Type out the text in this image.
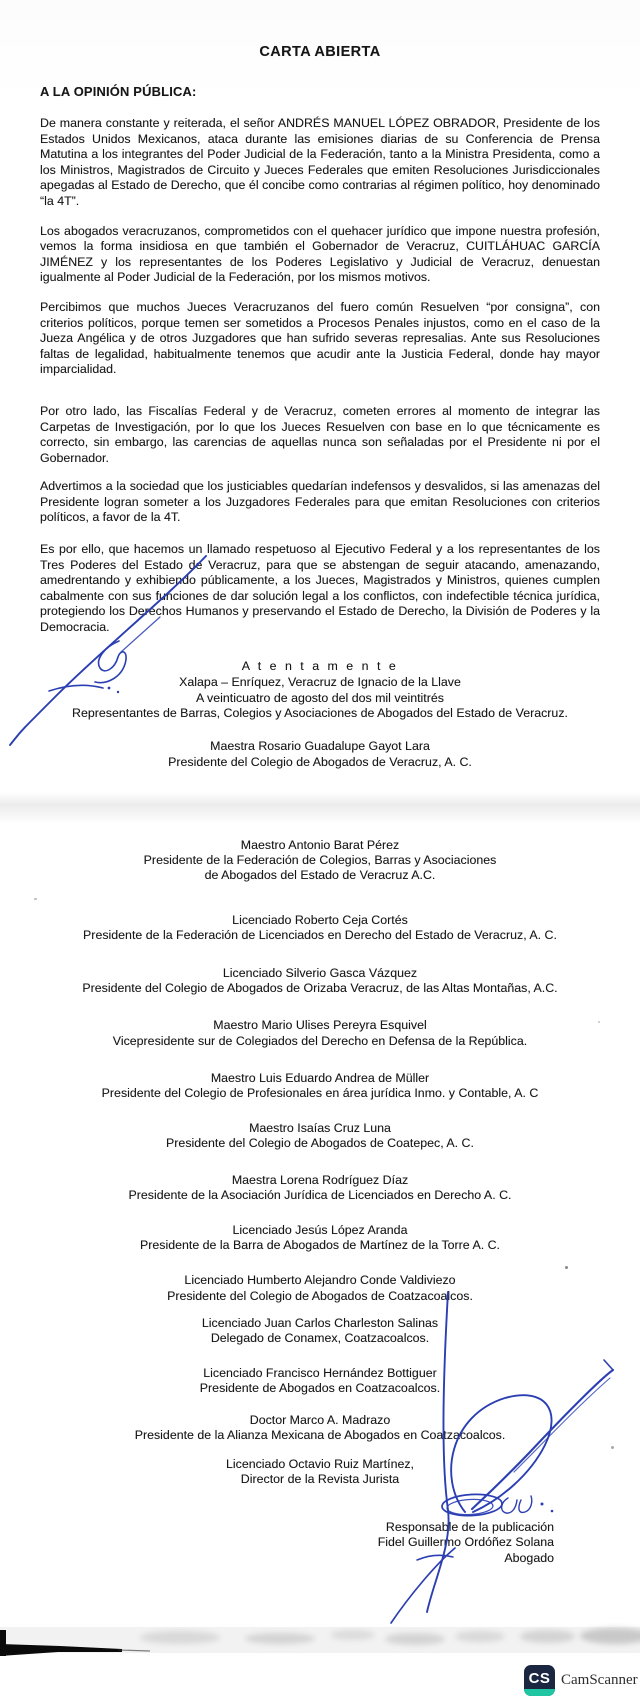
CARTA ABIERTA
A LA OPINIÓN PÚBLICA:

De manera constante y reiterada, el señor ANDRÉS MANUEL LÓPEZ OBRADOR, Presidente de los Estados Unidos Mexicanos, ataca durante las emisiones diarias de su Conferencia de Prensa Matutina a los integrantes del Poder Judicial de la Federación, tanto a la Ministra Presidenta, como a los Ministros, Magistrados de Circuito y Jueces Federales que emiten Resoluciones Jurisdiccionales apegadas al Estado de Derecho, que él concibe como contrarias al régimen político, hoy denominado “la 4T”.

Los abogados veracruzanos, comprometidos con el quehacer jurídico que impone nuestra profesión, vemos la forma insidiosa en que también el Gobernador de Veracruz, CUITLÁHUAC GARCÍA JIMÉNEZ y los representantes de los Poderes Legislativo y Judicial de Veracruz, denuestan igualmente al Poder Judicial de la Federación, por los mismos motivos.

Percibimos que muchos Jueces Veracruzanos del fuero común Resuelven “por consigna”, con criterios políticos, porque temen ser sometidos a Procesos Penales injustos, como en el caso de la Jueza Angélica y de otros Juzgadores que han sufrido severas represalias. Ante sus Resoluciones faltas de legalidad, habitualmente tenemos que acudir ante la Justicia Federal, donde hay mayor imparcialidad.

Por otro lado, las Fiscalías Federal y de Veracruz, cometen errores al momento de integrar las Carpetas de Investigación, por lo que los Jueces Resuelven con base en lo que técnicamente es correcto, sin embargo, las carencias de aquellas nunca son señaladas por el Presidente ni por el Gobernador.

Advertimos a la sociedad que los justiciables quedarían indefensos y desvalidos, si las amenazas del Presidente logran someter a los Juzgadores Federales para que emitan Resoluciones con criterios políticos, a favor de la 4T.

Es por ello, que hacemos un llamado respetuoso al Ejecutivo Federal y a los representantes de los Tres Poderes del Estado de Veracruz, para que se abstengan de seguir atacando, amenazando, amedrentando y exhibiendo públicamente, a los Jueces, Magistrados y Ministros, quienes cumplen cabalmente con sus funciones de dar solución legal a los conflictos, con indefectible técnica jurídica, protegiendo los Derechos Humanos y preservando el Estado de Derecho, la División de Poderes y la Democracia.

A t e n t a m e n t e
Xalapa – Enríquez, Veracruz de Ignacio de la Llave
A veinticuatro de agosto del dos mil veintitrés
Representantes de Barras, Colegios y Asociaciones de Abogados del Estado de Veracruz.
Maestra Rosario Guadalupe Gayot Lara
Presidente del Colegio de Abogados de Veracruz, A. C.
Maestro Antonio Barat Pérez
Presidente de la Federación de Colegios, Barras y Asociaciones
de Abogados del Estado de Veracruz A.C.
Licenciado Roberto Ceja Cortés
Presidente de la Federación de Licenciados en Derecho del Estado de Veracruz, A. C.
Licenciado Silverio Gasca Vázquez
Presidente del Colegio de Abogados de Orizaba Veracruz, de las Altas Montañas, A.C.
Maestro Mario Ulises Pereyra Esquivel
Vicepresidente sur de Colegiados del Derecho en Defensa de la República.
Maestro Luis Eduardo Andrea de Müller
Presidente del Colegio de Profesionales en área jurídica Inmo. y Contable, A. C
Maestro Isaías Cruz Luna
Presidente del Colegio de Abogados de Coatepec, A. C.
Maestra Lorena Rodríguez Díaz
Presidente de la Asociación Jurídica de Licenciados en Derecho A. C.
Licenciado Jesús López Aranda
Presidente de la Barra de Abogados de Martínez de la Torre A. C.
Licenciado Humberto Alejandro Conde Valdiviezo
Presidente del Colegio de Abogados de Coatzacoalcos.
Licenciado Juan Carlos Charleston Salinas
Delegado de Conamex, Coatzacoalcos.
Licenciado Francisco Hernández Bottiguer
Presidente de Abogados en Coatzacoalcos.
Doctor Marco A. Madrazo
Presidente de la Alianza Mexicana de Abogados en Coatzacoalcos.
Licenciado Octavio Ruiz Martínez,
Director de la Revista Jurista
Responsable de la publicación
Fidel Guillermo Ordóñez Solana
Abogado
CS CamScanner
